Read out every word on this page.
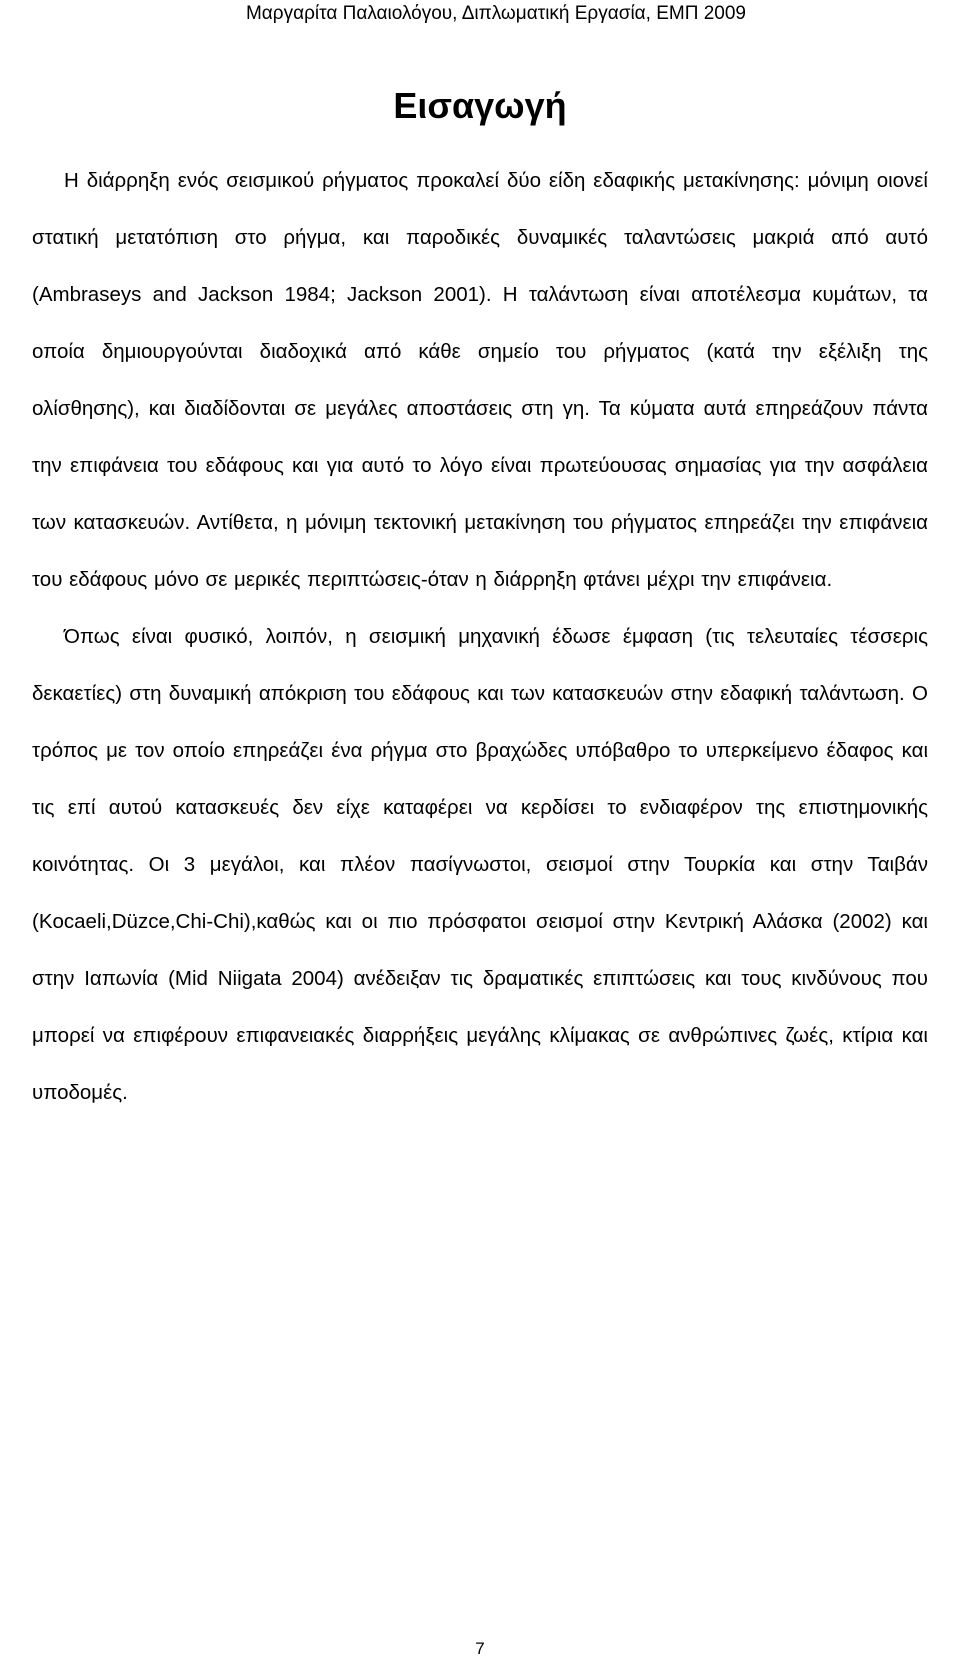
Μαργαρίτα Παλαιολόγου, Διπλωματική Εργασία, ΕΜΠ 2009
Εισαγωγή

Η διάρρηξη ενός σεισμικού ρήγματος προκαλεί δύο είδη εδαφικής μετακίνησης: μόνιμη οιονεί στατική μετατόπιση στο ρήγμα, και παροδικές δυναμικές ταλαντώσεις μακριά από αυτό (Ambraseys and Jackson 1984; Jackson 2001). Η ταλάντωση είναι αποτέλεσμα κυμάτων, τα οποία δημιουργούνται διαδοχικά από κάθε σημείο του ρήγματος (κατά την εξέλιξη της ολίσθησης), και διαδίδονται σε μεγάλες αποστάσεις στη γη. Τα κύματα αυτά επηρεάζουν πάντα την επιφάνεια του εδάφους και για αυτό το λόγο είναι πρωτεύουσας σημασίας για την ασφάλεια των κατασκευών. Αντίθετα, η μόνιμη τεκτονική μετακίνηση του ρήγματος επηρεάζει την επιφάνεια του εδάφους μόνο σε μερικές περιπτώσεις-όταν η διάρρηξη φτάνει μέχρι την επιφάνεια.

Όπως είναι φυσικό, λοιπόν, η σεισμική μηχανική έδωσε έμφαση (τις τελευταίες τέσσερις δεκαετίες) στη δυναμική απόκριση του εδάφους και των κατασκευών στην εδαφική ταλάντωση. Ο τρόπος με τον οποίο επηρεάζει ένα ρήγμα στο βραχώδες υπόβαθρο το υπερκείμενο έδαφος και τις επί αυτού κατασκευές δεν είχε καταφέρει να κερδίσει το ενδιαφέρον της επιστημονικής κοινότητας. Οι 3 μεγάλοι, και πλέον πασίγνωστοι, σεισμοί στην Τουρκία και στην Ταιβάν (Kocaeli,Düzce,Chi-Chi),καθώς και οι πιο πρόσφατοι σεισμοί στην Κεντρική Αλάσκα (2002) και στην Ιαπωνία (Mid Niigata 2004) ανέδειξαν τις δραματικές επιπτώσεις και τους κινδύνους που μπορεί να επιφέρουν επιφανειακές διαρρήξεις μεγάλης κλίμακας σε ανθρώπινες ζωές, κτίρια και υποδομές.

7
